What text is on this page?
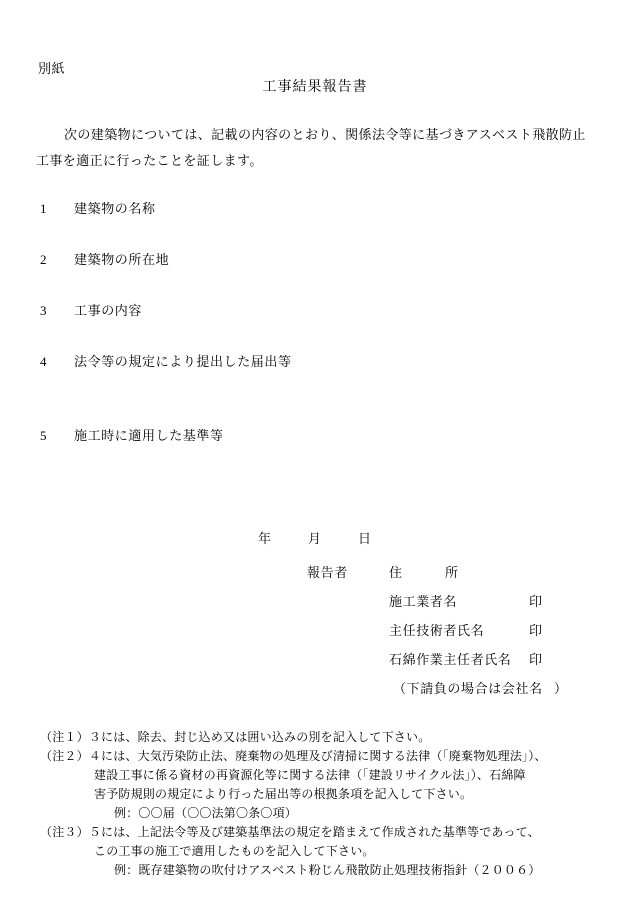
別紙
工事結果報告書
次の建築物については、記載の内容のとおり、関係法令等に基づきアスベスト飛散防止
工事を適正に行ったことを証します。
1 建築物の名称
2 建築物の所在地
3 工事の内容
4 法令等の規定により提出した届出等
5 施工時に適用した基準等
年	月	日
報告者	住	所
施工業者名	印
主任技術者氏名	印
石綿作業主任者氏名 印
（下請負の場合は会社名 ）
（注１）３には、除去、封じ込め又は囲い込みの別を記入して下さい。
（注２）４には、大気汚染防止法、廃棄物の処理及び清掃に関する法律（「廃棄物処理法」）、
建設工事に係る資材の再資源化等に関する法律（「建設リサイクル法」）、石綿障
害予防規則の規定により行った届出等の根拠条項を記入して下さい。
例：〇〇届（〇〇法第〇条〇項）
（注３）５には、上記法令等及び建築基準法の規定を踏まえて作成された基準等であって、
この工事の施工で適用したものを記入して下さい。
例：既存建築物の吹付けアスベスト粉じん飛散防止処理技術指針（２００６）
